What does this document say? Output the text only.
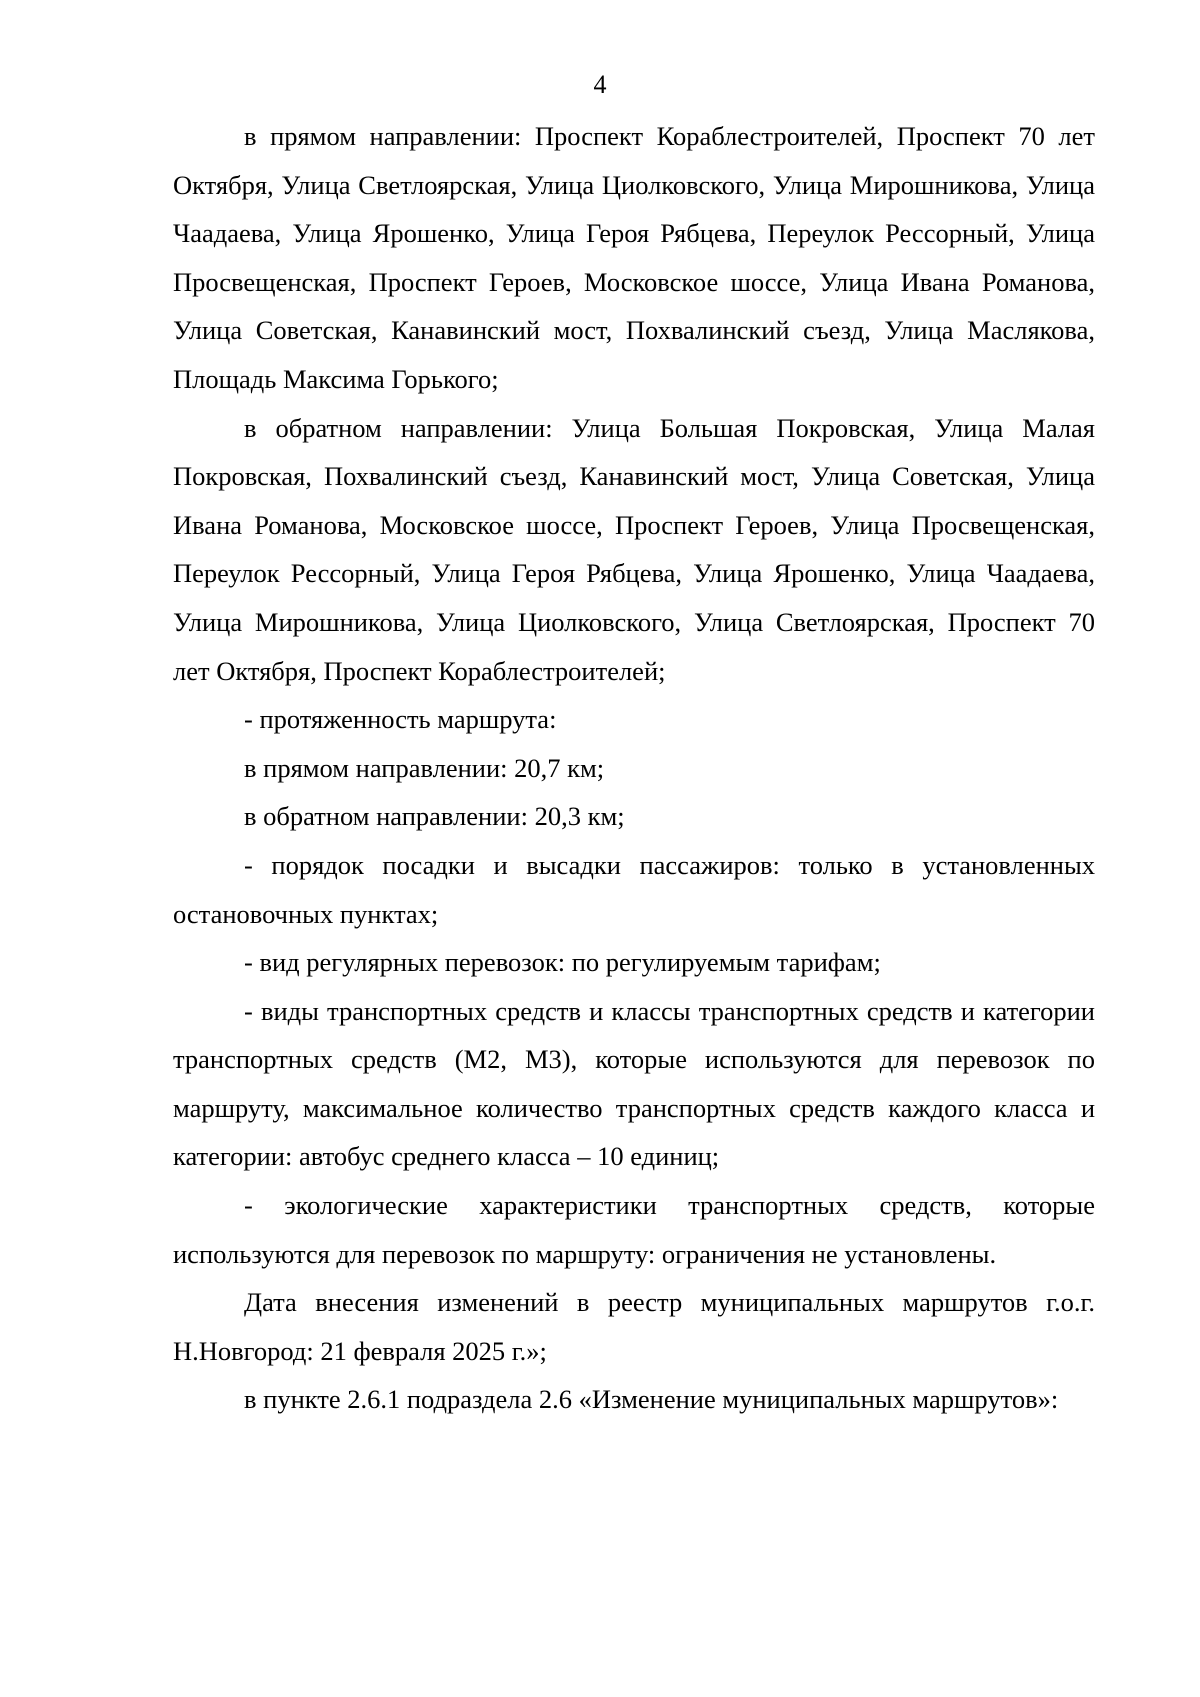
4

в прямом направлении: Проспект Кораблестроителей, Проспект 70 лет Октября, Улица Светлоярская, Улица Циолковского, Улица Мирошникова, Улица Чаадаева, Улица Ярошенко, Улица Героя Рябцева, Переулок Рессорный, Улица Просвещенская, Проспект Героев, Московское шоссе, Улица Ивана Романова, Улица Советская, Канавинский мост, Похвалинский съезд, Улица Маслякова, Площадь Максима Горького;

в обратном направлении: Улица Большая Покровская, Улица Малая Покровская, Похвалинский съезд, Канавинский мост, Улица Советская, Улица Ивана Романова, Московское шоссе, Проспект Героев, Улица Просвещенская, Переулок Рессорный, Улица Героя Рябцева, Улица Ярошенко, Улица Чаадаева, Улица Мирошникова, Улица Циолковского, Улица Светлоярская, Проспект 70 лет Октября, Проспект Кораблестроителей;

- протяженность маршрута:

в прямом направлении: 20,7 км;

в обратном направлении: 20,3 км;

- порядок посадки и высадки пассажиров: только в установленных остановочных пунктах;

- вид регулярных перевозок: по регулируемым тарифам;

- виды транспортных средств и классы транспортных средств и категории транспортных средств (М2, М3), которые используются для перевозок по маршруту, максимальное количество транспортных средств каждого класса и категории: автобус среднего класса – 10 единиц;

- экологические характеристики транспортных средств, которые используются для перевозок по маршруту: ограничения не установлены.

Дата внесения изменений в реестр муниципальных маршрутов г.о.г. Н.Новгород: 21 февраля 2025 г.»;

в пункте 2.6.1 подраздела 2.6 «Изменение муниципальных маршрутов»:
